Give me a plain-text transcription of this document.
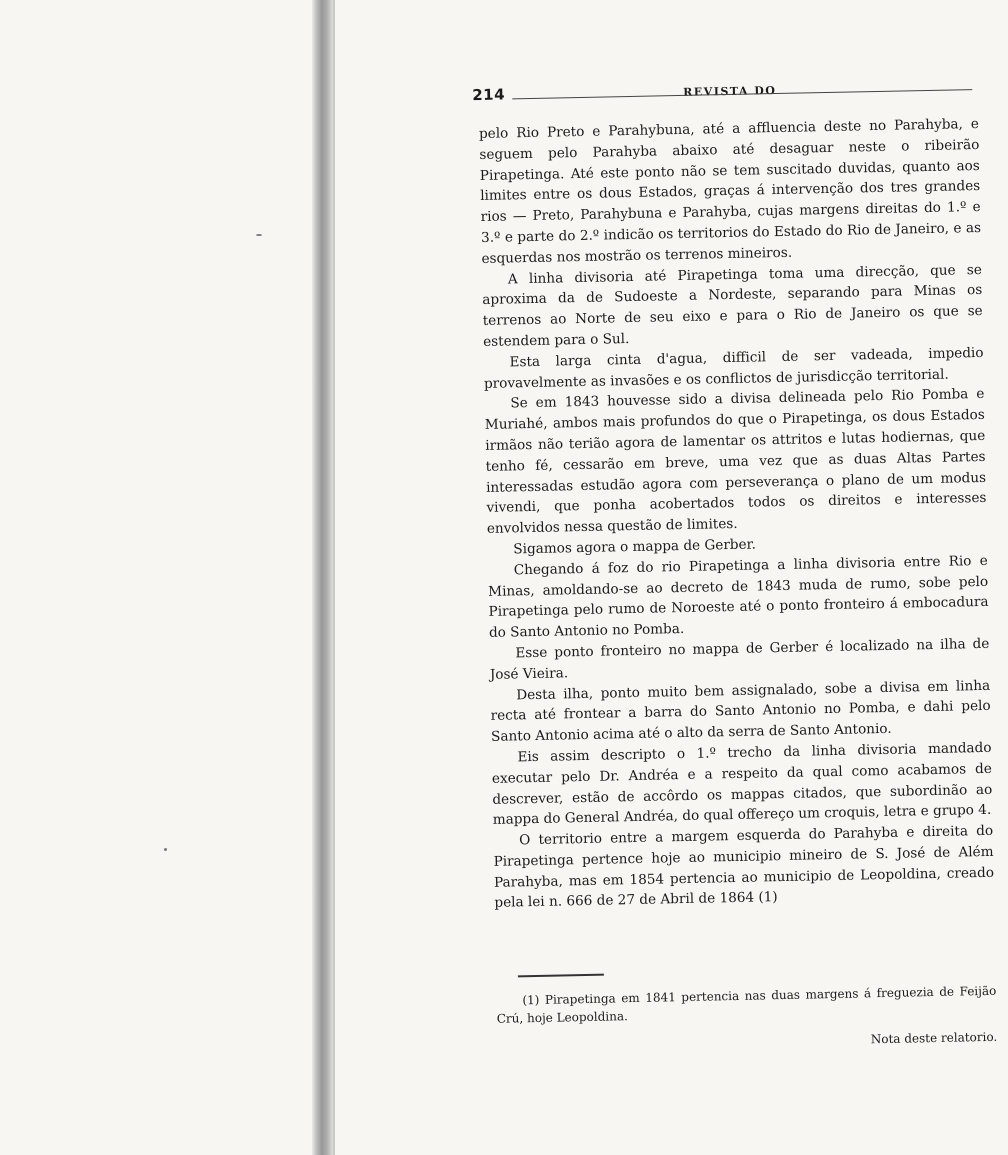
214	REVISTA DO

pelo Rio Preto e Parahybuna, até a affluencia deste no Parahyba, e seguem pelo Parahyba abaixo até desaguar neste o ribeirão Pirapetinga. Até este ponto não se tem suscitado duvidas, quanto aos limites entre os dous Estados, graças á intervenção dos tres grandes rios — Preto, Parahybuna e Parahyba, cujas margens direitas do 1.º e 3.º e parte do 2.º indicão os territorios do Estado do Rio de Janeiro, e as esquerdas nos mostrão os terrenos mineiros.

A linha divisoria até Pirapetinga toma uma direcção, que se aproxima da de Sudoeste a Nordeste, separando para Minas os terrenos ao Norte de seu eixo e para o Rio de Janeiro os que se estendem para o Sul.

Esta larga cinta d'agua, difficil de ser vadeada, impedio provavelmente as invasões e os conflictos de jurisdicção territorial.

Se em 1843 houvesse sido a divisa delineada pelo Rio Pomba e Muriahé, ambos mais profundos do que o Pirapetinga, os dous Estados irmãos não terião agora de lamentar os attritos e lutas hodiernas, que tenho fé, cessarão em breve, uma vez que as duas Altas Partes interessadas estudão agora com perseverança o plano de um modus vivendi, que ponha acobertados todos os direitos e interesses envolvidos nessa questão de limites.

Sigamos agora o mappa de Gerber.

Chegando á foz do rio Pirapetinga a linha divisoria entre Rio e Minas, amoldando-se ao decreto de 1843 muda de rumo, sobe pelo Pirapetinga pelo rumo de Noroeste até o ponto fronteiro á embocadura do Santo Antonio no Pomba.

Esse ponto fronteiro no mappa de Gerber é localizado na ilha de José Vieira.

Desta ilha, ponto muito bem assignalado, sobe a divisa em linha recta até frontear a barra do Santo Antonio no Pomba, e dahi pelo Santo Antonio acima até o alto da serra de Santo Antonio.

Eis assim descripto o 1.º trecho da linha divisoria mandado executar pelo Dr. Andréa e a respeito da qual como acabamos de descrever, estão de accôrdo os mappas citados, que subordinão ao mappa do General Andréa, do qual offereço um croquis, letra e grupo 4.

O territorio entre a margem esquerda do Parahyba e direita do Pirapetinga pertence hoje ao municipio mineiro de S. José de Além Parahyba, mas em 1854 pertencia ao municipio de Leopoldina, creado pela lei n. 666 de 27 de Abril de 1864 (1)

(1) Pirapetinga em 1841 pertencia nas duas margens á freguezia de Feijão Crú, hoje Leopoldina.

Nota deste relatorio.
